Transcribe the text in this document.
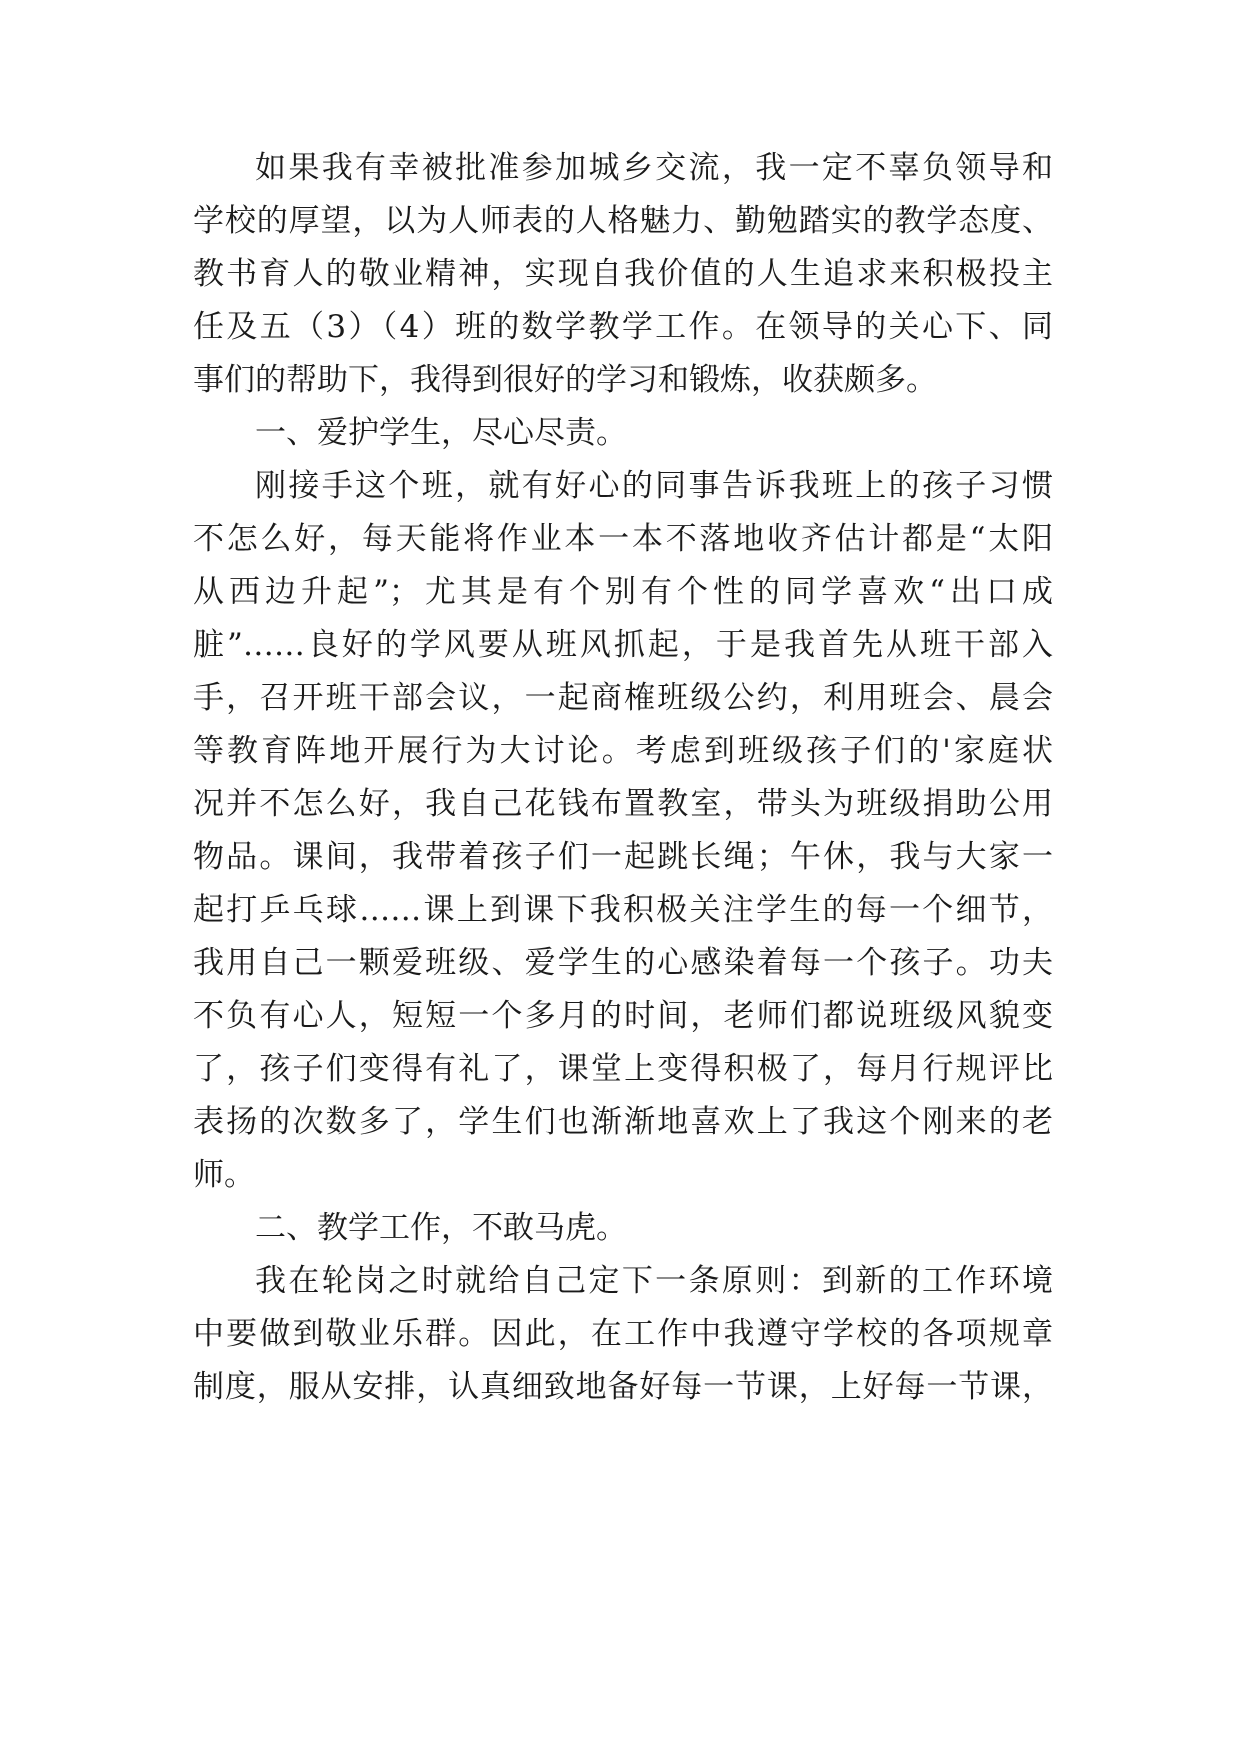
如果我有幸被批准参加城乡交流，我一定不辜负领导和
学校的厚望，以为人师表的人格魅力、勤勉踏实的教学态度、
教书育人的敬业精神，实现自我价值的人生追求来积极投主
任及五（3）（4）班的数学教学工作。在领导的关心下、同
事们的帮助下，我得到很好的学习和锻炼，收获颇多。
一、爱护学生，尽心尽责。
刚接手这个班，就有好心的同事告诉我班上的孩子习惯
不怎么好，每天能将作业本一本不落地收齐估计都是“太阳
从西边升起”；尤其是有个别有个性的同学喜欢“出口成
脏”……良好的学风要从班风抓起，于是我首先从班干部入
手，召开班干部会议，一起商榷班级公约，利用班会、晨会
等教育阵地开展行为大讨论。考虑到班级孩子们的'家庭状
况并不怎么好，我自己花钱布置教室，带头为班级捐助公用
物品。课间，我带着孩子们一起跳长绳；午休，我与大家一
起打乒乓球……课上到课下我积极关注学生的每一个细节，
我用自己一颗爱班级、爱学生的心感染着每一个孩子。功夫
不负有心人，短短一个多月的时间，老师们都说班级风貌变
了，孩子们变得有礼了，课堂上变得积极了，每月行规评比
表扬的次数多了，学生们也渐渐地喜欢上了我这个刚来的老
师。
二、教学工作，不敢马虎。
我在轮岗之时就给自己定下一条原则：到新的工作环境
中要做到敬业乐群。因此，在工作中我遵守学校的各项规章
制度，服从安排，认真细致地备好每一节课，上好每一节课，
